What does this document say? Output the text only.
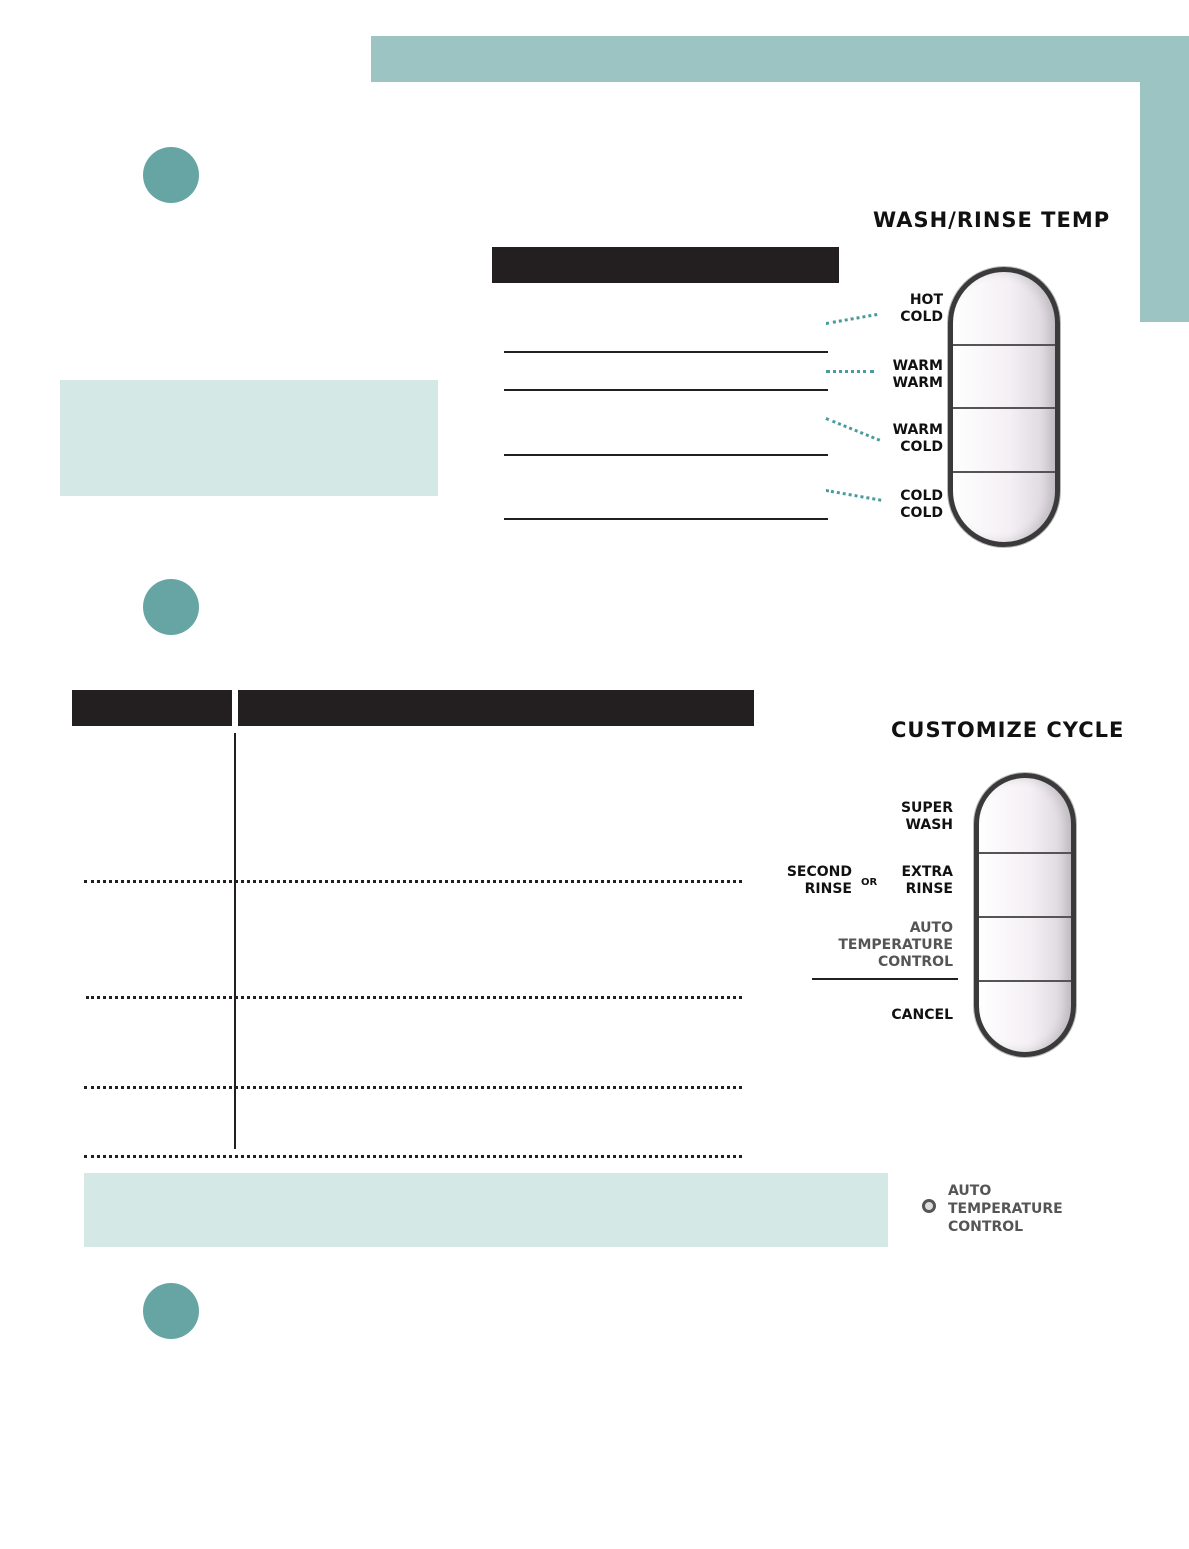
WASH/RINSE TEMP
HOT
COLD
WARM
WARM
WARM
COLD
COLD
COLD
CUSTOMIZE CYCLE
SUPER
WASH
SECOND
RINSE OR
EXTRA
RINSE
AUTO
TEMPERATURE
CONTROL
CANCEL
AUTO
TEMPERATURE
CONTROL
